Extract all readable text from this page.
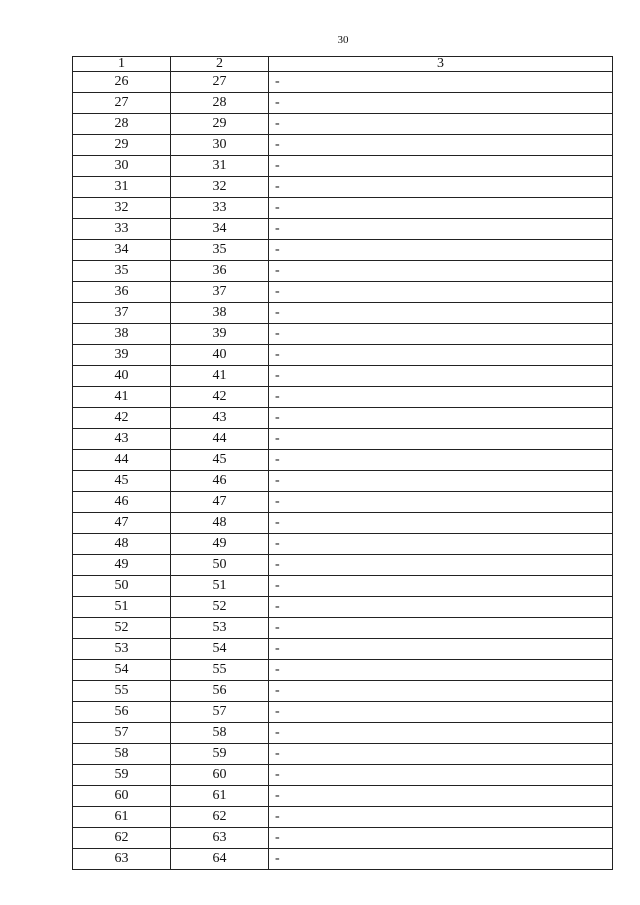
30
1	2	3
26	27	-
27	28	-
28	29	-
29	30	-
30	31	-
31	32	-
32	33	-
33	34	-
34	35	-
35	36	-
36	37	-
37	38	-
38	39	-
39	40	-
40	41	-
41	42	-
42	43	-
43	44	-
44	45	-
45	46	-
46	47	-
47	48	-
48	49	-
49	50	-
50	51	-
51	52	-
52	53	-
53	54	-
54	55	-
55	56	-
56	57	-
57	58	-
58	59	-
59	60	-
60	61	-
61	62	-
62	63	-
63	64	-
